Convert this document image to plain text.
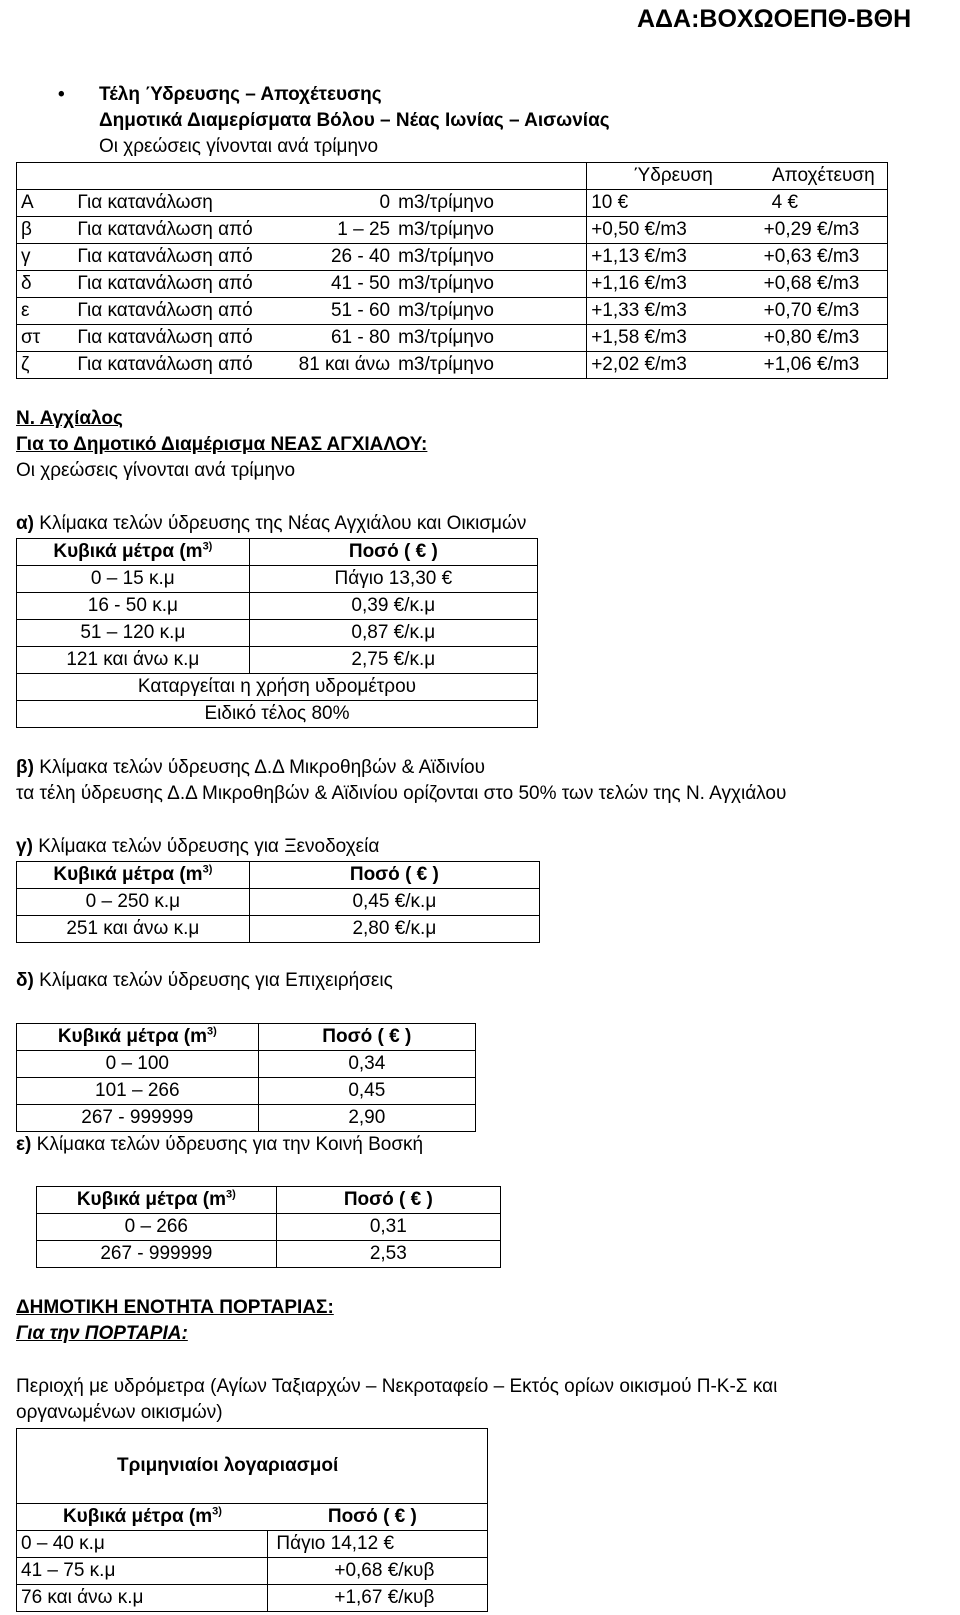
ΑΔΑ:ΒΟΧΩΟΕΠΘ-ΒΘΗ
• Τέλη Ύδρευσης – Αποχέτευσης
Δημοτικά Διαμερίσματα Βόλου – Νέας Ιωνίας – Αισωνίας
Οι χρεώσεις γίνονται ανά τρίμηνο
				Ύδρευση	Αποχέτευση
Α	Για κατανάλωση	0	m3/τρίμηνο	10 €	4 €
β	Για κατανάλωση από	1 – 25	m3/τρίμηνο	+0,50 €/m3	+0,29 €/m3
γ	Για κατανάλωση από	26 - 40	m3/τρίμηνο	+1,13 €/m3	+0,63 €/m3
δ	Για κατανάλωση από	41 - 50	m3/τρίμηνο	+1,16 €/m3	+0,68 €/m3
ε	Για κατανάλωση από	51 - 60	m3/τρίμηνο	+1,33 €/m3	+0,70 €/m3
στ	Για κατανάλωση από	61 - 80	m3/τρίμηνο	+1,58 €/m3	+0,80 €/m3
ζ	Για κατανάλωση από	81 και άνω	m3/τρίμηνο	+2,02 €/m3	+1,06 €/m3
Ν. Αγχίαλος
Για το Δημοτικό Διαμέρισμα ΝΕΑΣ ΑΓΧΙΑΛΟΥ:
Οι χρεώσεις γίνονται ανά τρίμηνο
α) Κλίμακα τελών ύδρευσης της Νέας Αγχιάλου και Οικισμών
Κυβικά μέτρα ($m^{3)}$	Ποσό ( € )
0 – 15 κ.μ	Πάγιο 13,30 €
16 - 50 κ.μ	0,39 €/κ.μ
51 – 120 κ.μ	0,87 €/κ.μ
121 και άνω κ.μ	2,75 €/κ.μ
Καταργείται η χρήση υδρομέτρου	
Ειδικό τέλος 80%	
β) Κλίμακα τελών ύδρευσης Δ.Δ Μικροθηβών & Αϊδινίου
τα τέλη ύδρευσης Δ.Δ Μικροθηβών & Αϊδινίου ορίζονται στο 50% των τελών της Ν. Αγχιάλου
γ) Κλίμακα τελών ύδρευσης για Ξενοδοχεία
Κυβικά μέτρα ($m^{3)}$	Ποσό ( € )
0 – 250 κ.μ	0,45 €/κ.μ
251 και άνω κ.μ	2,80 €/κ.μ
δ) Κλίμακα τελών ύδρευσης για Επιχειρήσεις
Κυβικά μέτρα ($m^{3)}$	Ποσό ( € )
0 – 100	0,34
101 – 266	0,45
267 - 999999	2,90
ε) Κλίμακα τελών ύδρευσης για την Κοινή Βοσκή
Κυβικά μέτρα ($m^{3)}$	Ποσό ( € )
0 – 266	0,31
267 - 999999	2,53
ΔΗΜΟΤΙΚΗ ΕΝΟΤΗΤΑ ΠΟΡΤΑΡΙΑΣ:
Για την ΠΟΡΤΑΡΙΑ:
Περιοχή με υδρόμετρα (Αγίων Ταξιαρχών – Νεκροταφείο – Εκτός ορίων οικισμού Π-Κ-Σ και
οργανωμένων οικισμών)
Τριμηνιαίοι λογαριασμοί	
Κυβικά μέτρα ($m^{3)}$	Ποσό ( € )
0 – 40 κ.μ	Πάγιο 14,12 €
41 – 75 κ.μ	+0,68 €/κυβ
76 και άνω κ.μ	+1,67 €/κυβ
